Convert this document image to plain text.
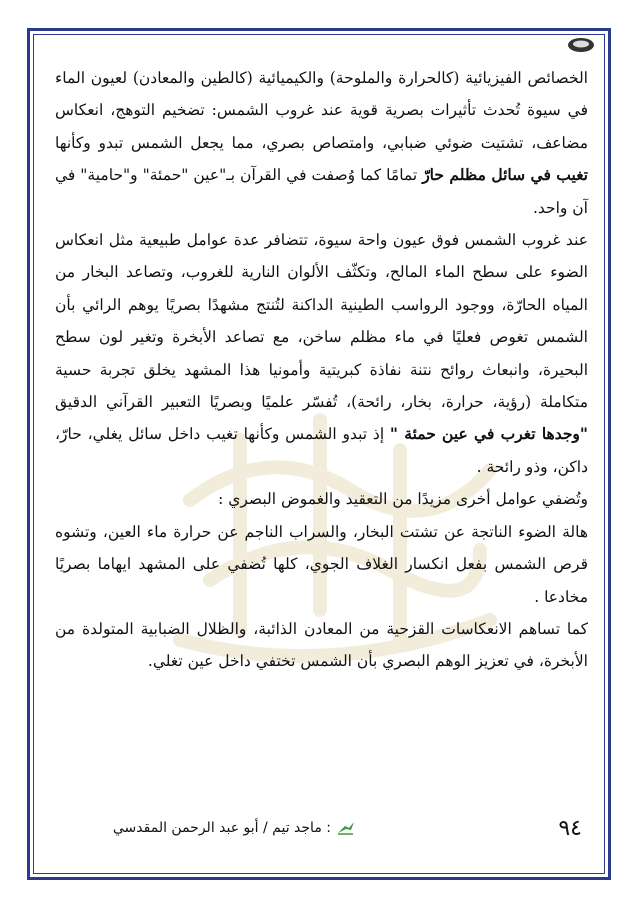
الخصائص الفيزيائية (كالحرارة والملوحة) والكيميائية (كالطين والمعادن) لعيون الماء في سيوة تُحدث تأثيرات بصرية قوية عند غروب الشمس: تضخيم التوهج، انعكاس مضاعف، تشتيت ضوئي ضبابي، وامتصاص بصري، مما يجعل الشمس تبدو وكأنها تغيب في سائل مظلم حارّ تمامًا كما وُصفت في القرآن بـ"عين "حمئة" و"حامية" في آن واحد.

عند غروب الشمس فوق عيون واحة سيوة، تتضافر عدة عوامل طبيعية مثل انعكاس الضوء على سطح الماء المالح، وتكثّف الألوان النارية للغروب، وتصاعد البخار من المياه الحارّة، ووجود الرواسب الطينية الداكنة لتُنتج مشهدًا بصريًا يوهم الرائي بأن الشمس تغوص فعليًا في ماء مظلم ساخن، مع تصاعد الأبخرة وتغير لون سطح البحيرة، وانبعاث روائح نتنة نفاذة كبريتية وأمونيا هذا المشهد يخلق تجربة حسية متكاملة (رؤية، حرارة، بخار، رائحة)، تُفسّر علميًا وبصريًا التعبير القرآني الدقيق "وجدها تغرب في عين حمئة " إذ تبدو الشمس وكأنها تغيب داخل سائل يغلي، حارّ، داكن، وذو رائحة .

وتُضفي عوامل أخرى مزيدًا من التعقيد والغموض البصري :

هالة الضوء الناتجة عن تشتت البخار، والسراب الناجم عن حرارة ماء العين، وتشوه قرص الشمس بفعل انكسار الغلاف الجوي، كلها تُضفي على المشهد ايهاما بصريًا مخادعا .

كما تساهم الانعكاسات القزحية من المعادن الذائبة، والظلال الضبابية المتولدة من الأبخرة، في تعزيز الوهم البصري بأن الشمس تختفي داخل عين تغلي.

٩٤
: ماجد تيم / أبو عبد الرحمن المقدسي
